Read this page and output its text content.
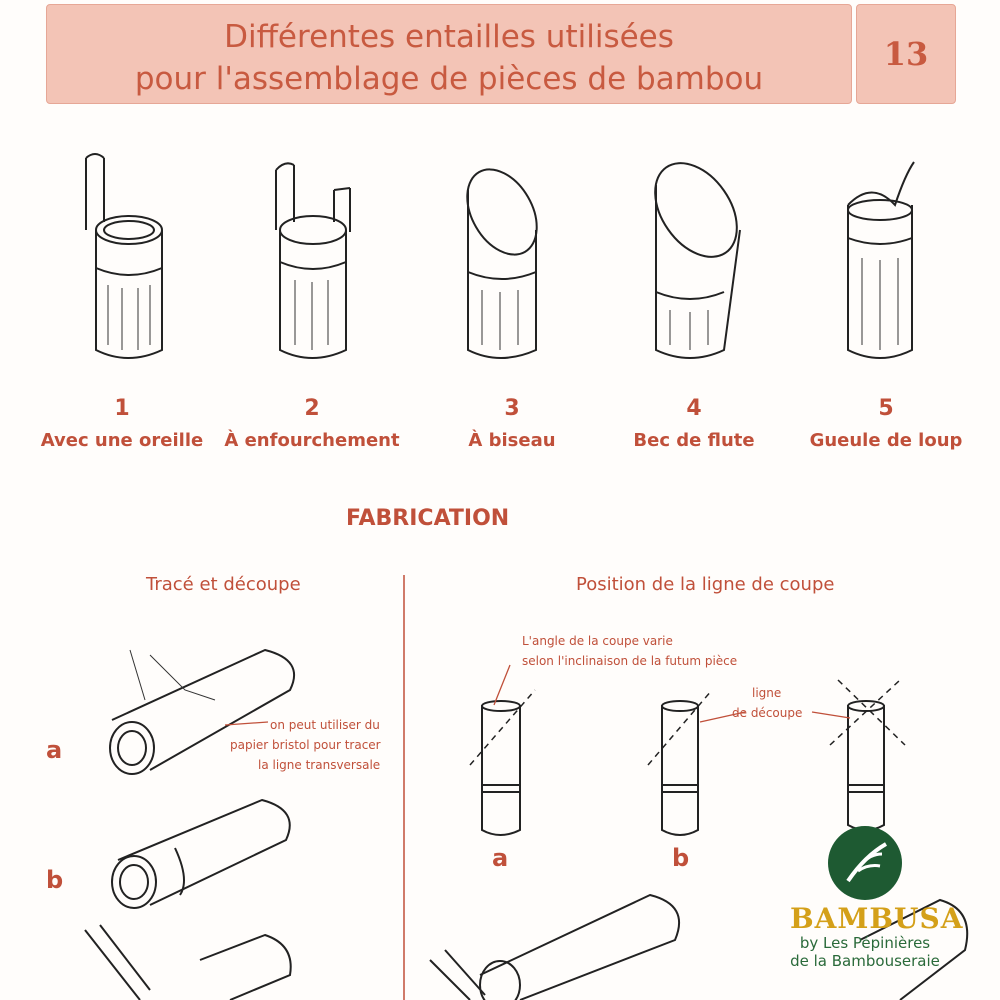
Différentes entailles utilisées
pour l'assemblage de pièces de bambou
13
1
Avec une oreille
2
À enfourchement
3
À biseau
4
Bec de flute
5
Gueule de loup
FABRICATION
Tracé et découpe	Position de la ligne de coupe
on peut utiliser du
papier bristol pour tracer
la ligne transversale
a
b
L'angle de la coupe varie
selon l'inclinaison de la futum pièce
ligne
de découpe
a	b
BAMBUSA
by Les Pépinières
de la Bambouseraie
